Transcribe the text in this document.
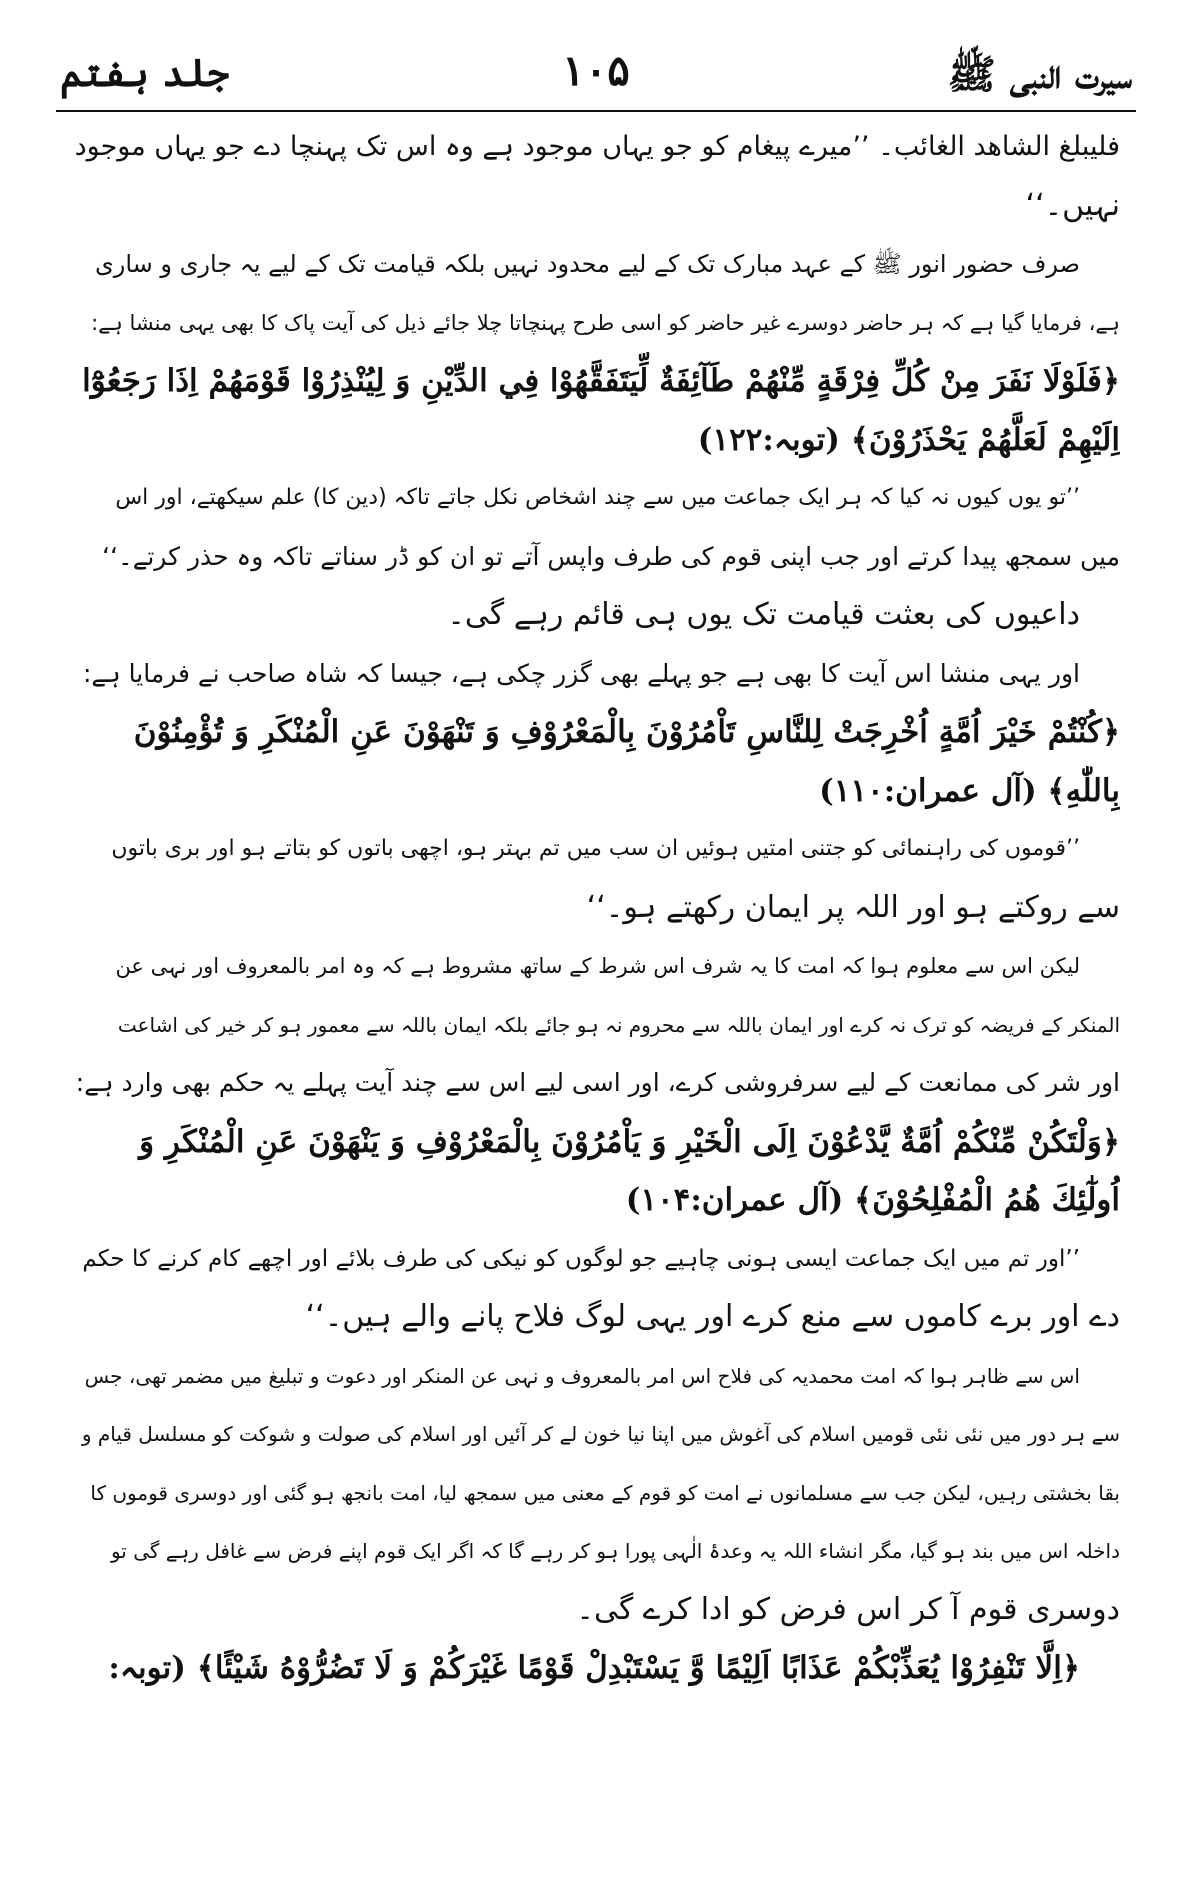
سیرت النبی ﷺ
۱۰۵
جلد ہفتم
فلیبلغ الشاهد الغائب۔ ’’میرے پیغام کو جو یہاں موجود ہے وہ اس تک پہنچا دے جو یہاں موجود
نہیں۔‘‘
صرف حضور انور ﷺ کے عہد مبارک تک کے لیے محدود نہیں بلکہ قیامت تک کے لیے یہ جاری و ساری
ہے، فرمایا گیا ہے کہ ہر حاضر دوسرے غیر حاضر کو اسی طرح پہنچاتا چلا جائے ذیل کی آیت پاک کا بھی یہی منشا ہے:
﴿فَلَوْلَا نَفَرَ مِنْ كُلِّ فِرْقَةٍ مِّنْهُمْ طَآئِفَةٌ لِّيَتَفَقَّهُوْا فِي الدِّيْنِ وَ لِيُنْذِرُوْا قَوْمَهُمْ اِذَا رَجَعُوْٓا
اِلَيْهِمْ لَعَلَّهُمْ يَحْذَرُوْنَ﴾ (توبہ:۱۲۲)
’’تو یوں کیوں نہ کیا کہ ہر ایک جماعت میں سے چند اشخاص نکل جاتے تاکہ (دین کا) علم سیکھتے، اور اس
میں سمجھ پیدا کرتے اور جب اپنی قوم کی طرف واپس آتے تو ان کو ڈر سناتے تاکہ وہ حذر کرتے۔‘‘
داعیوں کی بعثت قیامت تک یوں ہی قائم رہے گی۔
اور یہی منشا اس آیت کا بھی ہے جو پہلے بھی گزر چکی ہے، جیسا کہ شاہ صاحب نے فرمایا ہے:
﴿كُنْتُمْ خَيْرَ اُمَّةٍ اُخْرِجَتْ لِلنَّاسِ تَاْمُرُوْنَ بِالْمَعْرُوْفِ وَ تَنْهَوْنَ عَنِ الْمُنْكَرِ وَ تُؤْمِنُوْنَ
بِاللّٰهِ﴾ (آل عمران:۱۱۰)
’’قوموں کی راہنمائی کو جتنی امتیں ہوئیں ان سب میں تم بہتر ہو، اچھی باتوں کو بتاتے ہو اور بری باتوں
سے روکتے ہو اور اللہ پر ایمان رکھتے ہو۔‘‘
لیکن اس سے معلوم ہوا کہ امت کا یہ شرف اس شرط کے ساتھ مشروط ہے کہ وہ امر بالمعروف اور نہی عن
المنکر کے فریضہ کو ترک نہ کرے اور ایمان باللہ سے محروم نہ ہو جائے بلکہ ایمان باللہ سے معمور ہو کر خیر کی اشاعت
اور شر کی ممانعت کے لیے سرفروشی کرے، اور اسی لیے اس سے چند آیت پہلے یہ حکم بھی وارد ہے:
﴿وَلْتَكُنْ مِّنْكُمْ اُمَّةٌ يَّدْعُوْنَ اِلَى الْخَيْرِ وَ يَاْمُرُوْنَ بِالْمَعْرُوْفِ وَ يَنْهَوْنَ عَنِ الْمُنْكَرِ وَ
اُولٰٓئِكَ هُمُ الْمُفْلِحُوْنَ﴾ (آل عمران:۱۰۴)
’’اور تم میں ایک جماعت ایسی ہونی چاہیے جو لوگوں کو نیکی کی طرف بلائے اور اچھے کام کرنے کا حکم
دے اور برے کاموں سے منع کرے اور یہی لوگ فلاح پانے والے ہیں۔‘‘
اس سے ظاہر ہوا کہ امت محمدیہ کی فلاح اس امر بالمعروف و نہی عن المنکر اور دعوت و تبلیغ میں مضمر تھی، جس
سے ہر دور میں نئی نئی قومیں اسلام کی آغوش میں اپنا نیا خون لے کر آئیں اور اسلام کی صولت و شوکت کو مسلسل قیام و
بقا بخشتی رہیں، لیکن جب سے مسلمانوں نے امت کو قوم کے معنی میں سمجھ لیا، امت بانجھ ہو گئی اور دوسری قوموں کا
داخلہ اس میں بند ہو گیا، مگر انشاء اللہ یہ وعدۂ الٰہی پورا ہو کر رہے گا کہ اگر ایک قوم اپنے فرض سے غافل رہے گی تو
دوسری قوم آ کر اس فرض کو ادا کرے گی۔
﴿اِلَّا تَنْفِرُوْا يُعَذِّبْكُمْ عَذَابًا اَلِيْمًا وَّ يَسْتَبْدِلْ قَوْمًا غَيْرَكُمْ وَ لَا تَضُرُّوْهُ شَيْئًا﴾ (توبہ:
